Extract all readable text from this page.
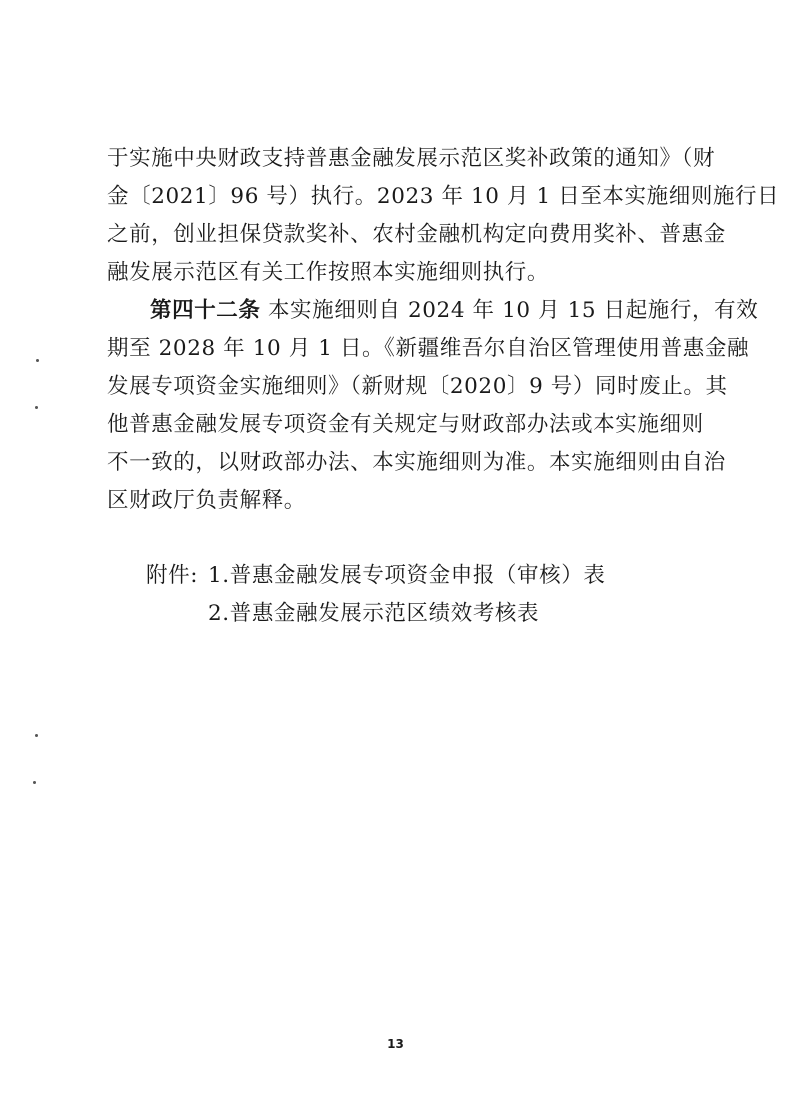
于实施中央财政支持普惠金融发展示范区奖补政策的通知》（财
金〔2021〕96 号）执行。2023 年 10 月 1 日至本实施细则施行日
之前，创业担保贷款奖补、农村金融机构定向费用奖补、普惠金
融发展示范区有关工作按照本实施细则执行。
第四十二条 本实施细则自 2024 年 10 月 15 日起施行，有效
期至 2028 年 10 月 1 日。《新疆维吾尔自治区管理使用普惠金融
发展专项资金实施细则》（新财规〔2020〕9 号）同时废止。其
他普惠金融发展专项资金有关规定与财政部办法或本实施细则
不一致的，以财政部办法、本实施细则为准。本实施细则由自治
区财政厅负责解释。
附件: 1.普惠金融发展专项资金申报（审核）表
2.普惠金融发展示范区绩效考核表
13
